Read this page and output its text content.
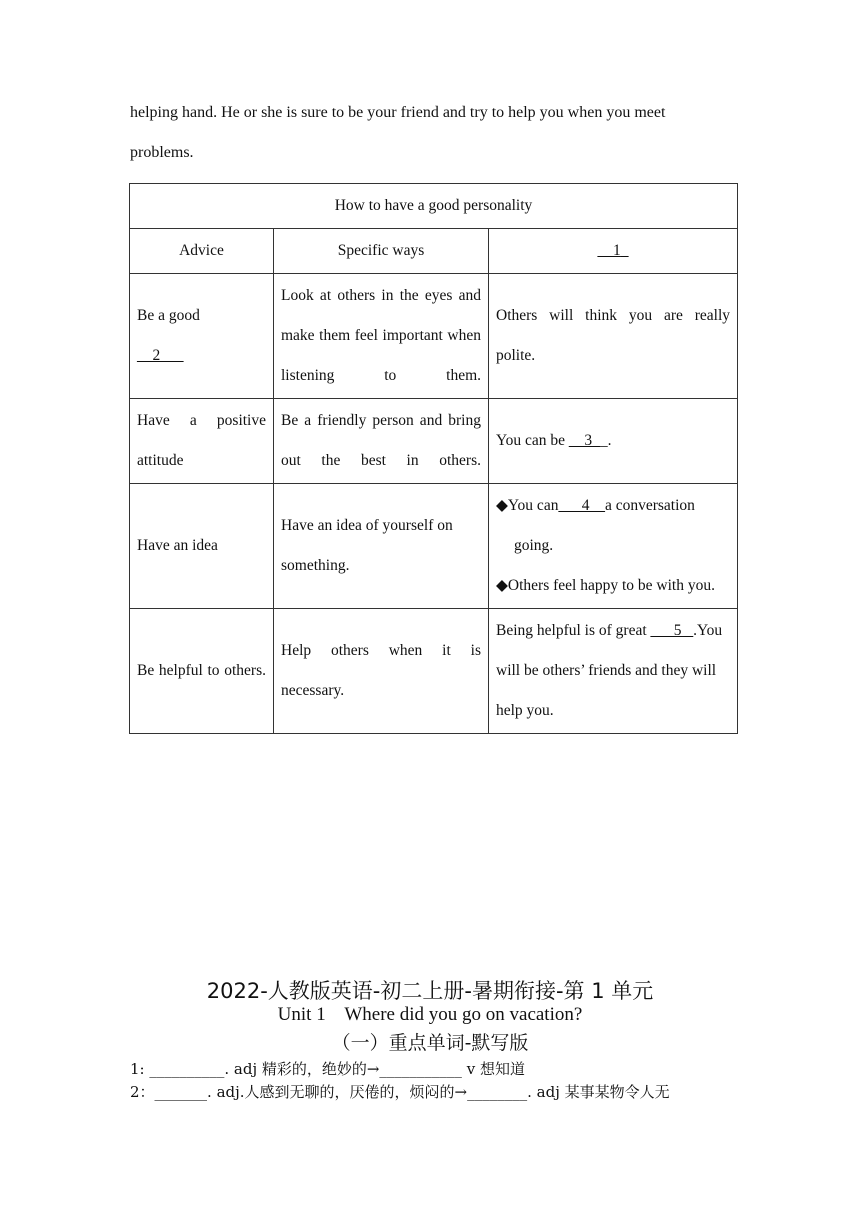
helping hand. He or she is sure to be your friend and try to help you when you meet

problems.

How to have a good personality		
Advice	Specific ways	__1_

Be a good
__2___	Look at others in the eyes and make them feel important when listening to them.	Others will think you are really polite.
Have a positive attitude	Be a friendly person and bring out the best in others.	You can be __3__.
Have an idea	Have an idea of yourself on something.	◆You can___4__a conversation
going.
◆Others feel happy to be with you.

Be helpful to others.	Help others when it is necessary.	Being helpful is of great ___5 _.You will be others’ friends and they will help you.

2022-人教版英语-初二上册-暑期衔接-第 1 单元

Unit 1    Where did you go on vacation?

（一）重点单词-默写版

1: __________. adj 精彩的，绝妙的→___________ v 想知道

2：_______. adj.人感到无聊的，厌倦的，烦闷的→________. adj 某事某物令人无
